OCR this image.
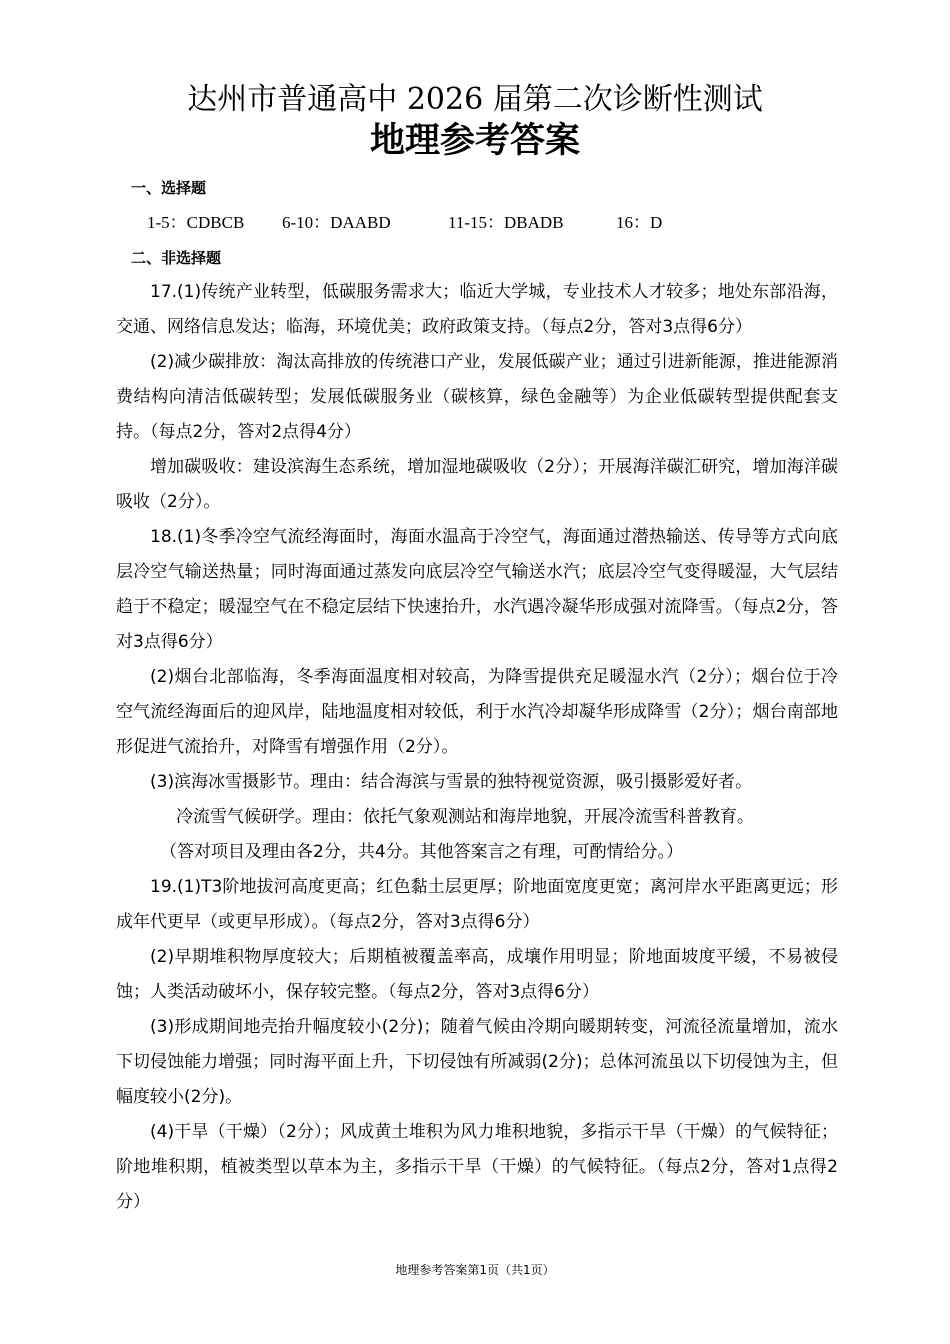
达州市普通高中 2026 届第二次诊断性测试
地理参考答案
一、选择题
1-5：CDBCB 6-10：DAABD	11-15：DBADB	16：D
二、非选择题

17.(1)传统产业转型，低碳服务需求大；临近大学城，专业技术人才较多；地处东部沿海，交通、网络信息发达；临海，环境优美；政府政策支持。（每点2分，答对3点得6分）

(2)减少碳排放：淘汰高排放的传统港口产业，发展低碳产业；通过引进新能源，推进能源消费结构向清洁低碳转型；发展低碳服务业（碳核算，绿色金融等）为企业低碳转型提供配套支持。（每点2分，答对2点得4分）

增加碳吸收：建设滨海生态系统，增加湿地碳吸收（2分）；开展海洋碳汇研究，增加海洋碳吸收（2分）。

18.(1)冬季冷空气流经海面时，海面水温高于冷空气，海面通过潜热输送、传导等方式向底层冷空气输送热量；同时海面通过蒸发向底层冷空气输送水汽；底层冷空气变得暖湿，大气层结趋于不稳定；暖湿空气在不稳定层结下快速抬升，水汽遇冷凝华形成强对流降雪。（每点2分，答对3点得6分）

(2)烟台北部临海，冬季海面温度相对较高，为降雪提供充足暖湿水汽（2分）；烟台位于冷空气流经海面后的迎风岸，陆地温度相对较低，利于水汽冷却凝华形成降雪（2分）；烟台南部地形促进气流抬升，对降雪有增强作用（2分）。

(3)滨海冰雪摄影节。理由：结合海滨与雪景的独特视觉资源，吸引摄影爱好者。

冷流雪气候研学。理由：依托气象观测站和海岸地貌，开展冷流雪科普教育。

（答对项目及理由各2分，共4分。其他答案言之有理，可酌情给分。）

19.(1)T3阶地拔河高度更高；红色黏土层更厚；阶地面宽度更宽；离河岸水平距离更远；形成年代更早（或更早形成）。（每点2分，答对3点得6分）

(2)早期堆积物厚度较大；后期植被覆盖率高，成壤作用明显；阶地面坡度平缓，不易被侵蚀；人类活动破坏小，保存较完整。（每点2分，答对3点得6分）

(3)形成期间地壳抬升幅度较小(2分)；随着气候由冷期向暖期转变，河流径流量增加，流水下切侵蚀能力增强；同时海平面上升，下切侵蚀有所减弱(2分)；总体河流虽以下切侵蚀为主，但幅度较小(2分)。

(4)干旱（干燥）（2分）；风成黄土堆积为风力堆积地貌，多指示干旱（干燥）的气候特征；阶地堆积期，植被类型以草本为主，多指示干旱（干燥）的气候特征。（每点2分，答对1点得2分）

地理参考答案第1页（共1页）
